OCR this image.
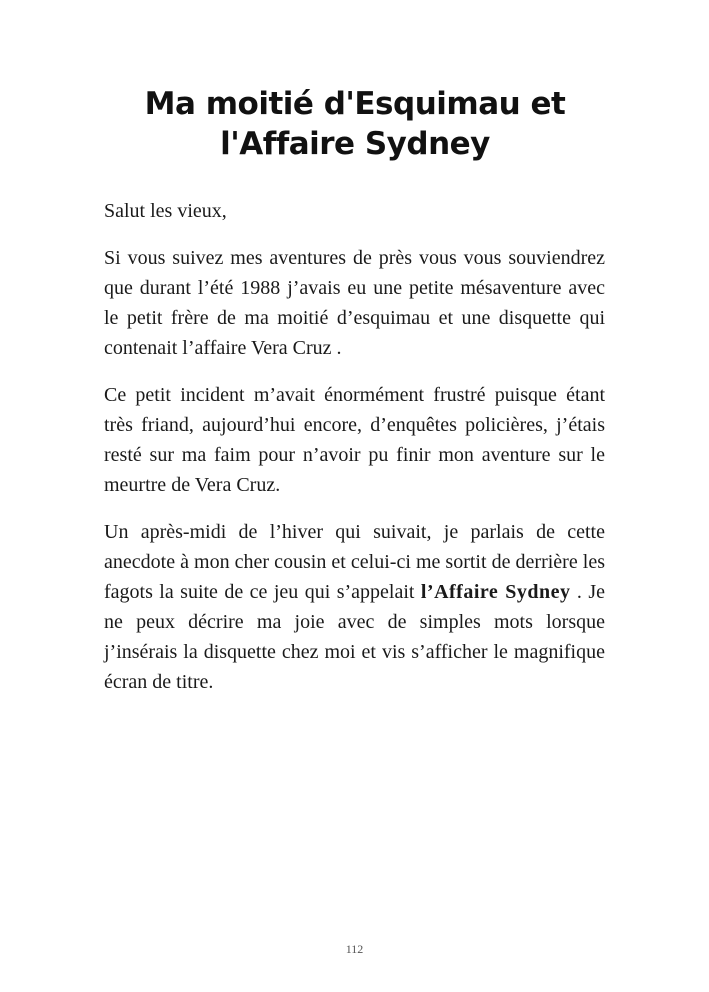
Ma moitié d'Esquimau et
l'Affaire Sydney

Salut les vieux,

Si vous suivez mes aventures de près vous vous souviendrez que durant l’été 1988 j’avais eu une petite mésaventure avec le petit frère de ma moitié d’esquimau et une disquette qui contenait l’affaire Vera Cruz .

Ce petit incident m’avait énormément frustré puisque étant très friand, aujourd’hui encore, d’enquêtes policières, j’étais resté sur ma faim pour n’avoir pu finir mon aventure sur le meurtre de Vera Cruz.

Un après-midi de l’hiver qui suivait, je parlais de cette anecdote à mon cher cousin et celui-ci me sortit de derrière les fagots la suite de ce jeu qui s’appelait l’Affaire Sydney . Je ne peux décrire ma joie avec de simples mots lorsque j’insérais la disquette chez moi et vis s’afficher le magnifique écran de titre.

112
